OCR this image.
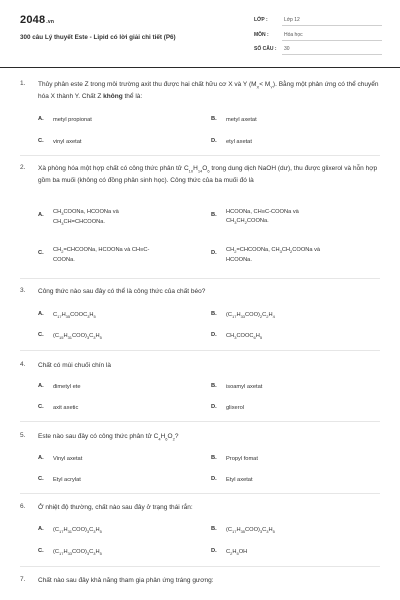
2048.vn
300 câu Lý thuyết Este - Lipid có lời giải chi tiết (P6)
LỚP :	Lớp 12
MÔN :	Hóa học
SỐ CÂU : 30
1. Thủy phân este Z trong môi trường axit thu được hai chất hữu cơ X và Y $(M_X< M_Y)$. Bằng một phản ứng có thể chuyển hóa X thành Y. Chất Z không thể là:
A. metyl propionat	B. metyl axetat
C. vinyl axetat	D. etyl axetat
2. Xà phòng hóa một hợp chất có công thức phân tử $C_{10}H_{14}O_6$ trong dung dịch NaOH (dư), thu được glixerol và hỗn hợp gồm ba muối (không có đồng phân sinh học). Công thức của ba muối đó là
A. $CH_3COONa$, HCOONa và
$CH_3CH=CHCOONa$.
B. HCOONa, CH≡C-COONa và
$CH_3CH_2COONa$.
C. $CH_2=CHCOONa$, HCOONa và CH≡C-
COONa.
D. $CH_2=CHCOONa$, $CH_3CH_2COONa$ và
HCOONa.
3. Công thức nào sau đây có thể là công thức của chất béo?
A. $C_{17}H_{35}COOC_3H_5$	B. $(C_{17}H_{33}COO)_2C_2H_4$
C. $(C_{15}H_{31}COO)_3C_3H_5$	D. $CH_3COOC_6H_5$
4. Chất có mùi chuối chín là
A. đimetyl ete	B. isoamyl axetat
C. axit axetic	D. glixerol
5. Este nào sau đây có công thức phân tử $C_4H_6O_2$?
A. Vinyl axetat	B. Propyl fomat
C. Etyl acrylat	D. Etyl axetat
6. Ở nhiệt độ thường, chất nào sau đây ở trạng thái rắn:
A. $(C_{17}H_{31}COO)_3C_3H_5$	B. $(C_{17}H_{35}COO)_3C_3H_5$
C. $(C_{17}H_{33}COO)_3C_3H_5$	D. $C_2H_5OH$
7. Chất nào sau đây khả năng tham gia phản ứng tráng gương:
